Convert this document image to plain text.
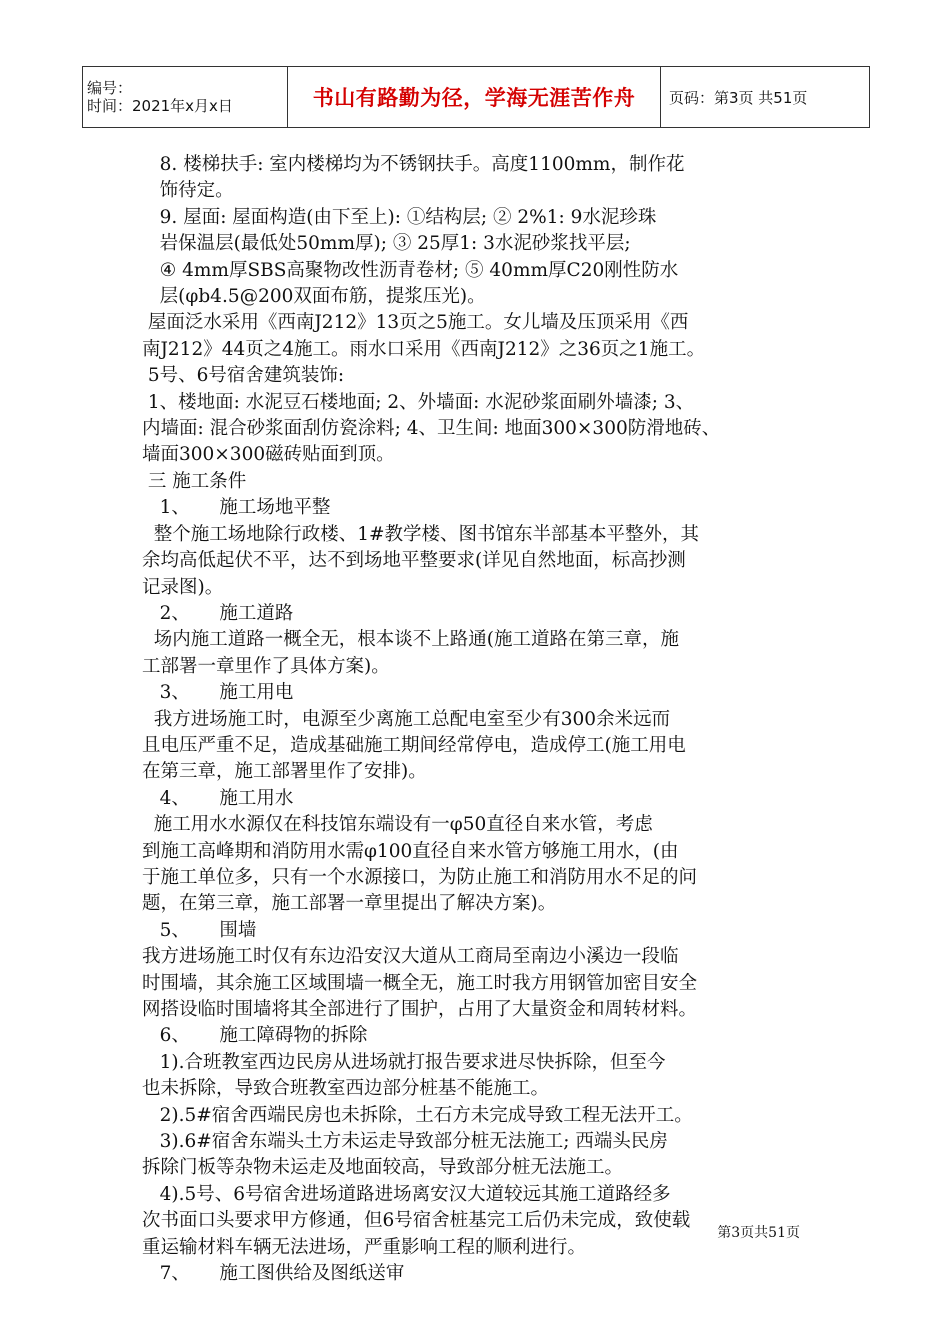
编号：
时间：2021年x月x日	书山有路勤为径，学海无涯苦作舟	页码：第3页 共51页

8. 楼梯扶手: 室内楼梯均为不锈钢扶手。高度1100mm，制作花

饰待定。

9. 屋面: 屋面构造(由下至上): ①结构层; ② 2%1: 9水泥珍珠

岩保温层(最低处50mm厚); ③ 25厚1: 3水泥砂浆找平层;

④ 4mm厚SBS高聚物改性沥青卷材; ⑤ 40mm厚C20刚性防水

层(φb4.5@200双面布筋，提浆压光)。

屋面泛水采用《西南J212》13页之5施工。女儿墙及压顶采用《西

南J212》44页之4施工。雨水口采用《西南J212》之36页之1施工。

5号、6号宿舍建筑装饰:

1、楼地面: 水泥豆石楼地面; 2、外墙面: 水泥砂浆面刷外墙漆; 3、

内墙面: 混合砂浆面刮仿瓷涂料; 4、卫生间: 地面300×300防滑地砖、

墙面300×300磁砖贴面到顶。

三 施工条件

1、     施工场地平整

整个施工场地除行政楼、1#教学楼、图书馆东半部基本平整外，其

余均高低起伏不平，达不到场地平整要求(详见自然地面，标高抄测

记录图)。

2、     施工道路

场内施工道路一概全无，根本谈不上路通(施工道路在第三章，施

工部署一章里作了具体方案)。

3、     施工用电

我方进场施工时，电源至少离施工总配电室至少有300余米远而

且电压严重不足，造成基础施工期间经常停电，造成停工(施工用电

在第三章，施工部署里作了安排)。

4、     施工用水

施工用水水源仅在科技馆东端设有一φ50直径自来水管，考虑

到施工高峰期和消防用水需φ100直径自来水管方够施工用水，(由

于施工单位多，只有一个水源接口，为防止施工和消防用水不足的问

题，在第三章，施工部署一章里提出了解决方案)。

5、     围墙

我方进场施工时仅有东边沿安汉大道从工商局至南边小溪边一段临

时围墙，其余施工区域围墙一概全无，施工时我方用钢管加密目安全

网搭设临时围墙将其全部进行了围护，占用了大量资金和周转材料。

6、     施工障碍物的拆除

1).合班教室西边民房从进场就打报告要求进尽快拆除，但至今

也未拆除，导致合班教室西边部分桩基不能施工。

2).5#宿舍西端民房也未拆除，土石方未完成导致工程无法开工。

3).6#宿舍东端头土方未运走导致部分桩无法施工; 西端头民房

拆除门板等杂物未运走及地面较高，导致部分桩无法施工。

4).5号、6号宿舍进场道路进场离安汉大道较远其施工道路经多

次书面口头要求甲方修通，但6号宿舍桩基完工后仍未完成，致使载

重运输材料车辆无法进场，严重影响工程的顺利进行。

7、     施工图供给及图纸送审

第3页共51页
